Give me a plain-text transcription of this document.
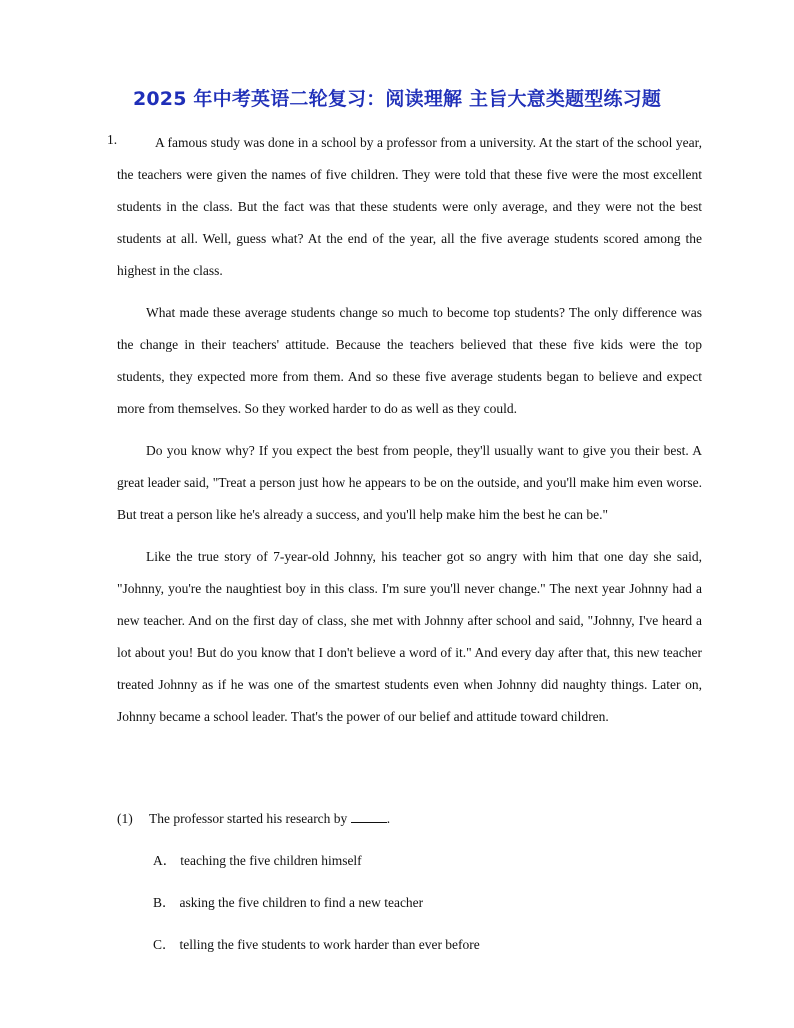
2025 年中考英语二轮复习：阅读理解 主旨大意类题型练习题
1.	A famous study was done in a school by a professor from a university. At the start of the school year, the teachers were given the names of five children. They were told that these five were the most excellent students in the class. But the fact was that these students were only average, and they were not the best students at all. Well, guess what? At the end of the year, all the five average students scored among the highest in the class.

What made these average students change so much to become top students? The only difference was the change in their teachers' attitude. Because the teachers believed that these five kids were the top students, they expected more from them. And so these five average students began to believe and expect more from themselves. So they worked harder to do as well as they could.

Do you know why? If you expect the best from people, they'll usually want to give you their best. A great leader said, "Treat a person just how he appears to be on the outside, and you'll make him even worse. But treat a person like he's already a success, and you'll help make him the best he can be."

Like the true story of 7-year-old Johnny, his teacher got so angry with him that one day she said, "Johnny, you're the naughtiest boy in this class. I'm sure you'll never change." The next year Johnny had a new teacher. And on the first day of class, she met with Johnny after school and said, "Johnny, I've heard a lot about you! But do you know that I don't believe a word of it." And every day after that, this new teacher treated Johnny as if he was one of the smartest students even when Johnny did naughty things. Later on, Johnny became a school leader. That's the power of our belief and attitude toward children.

(1) The professor started his research by	.
A． teaching the five children himself
B． asking the five children to find a new teacher
C． telling the five students to work harder than ever before
